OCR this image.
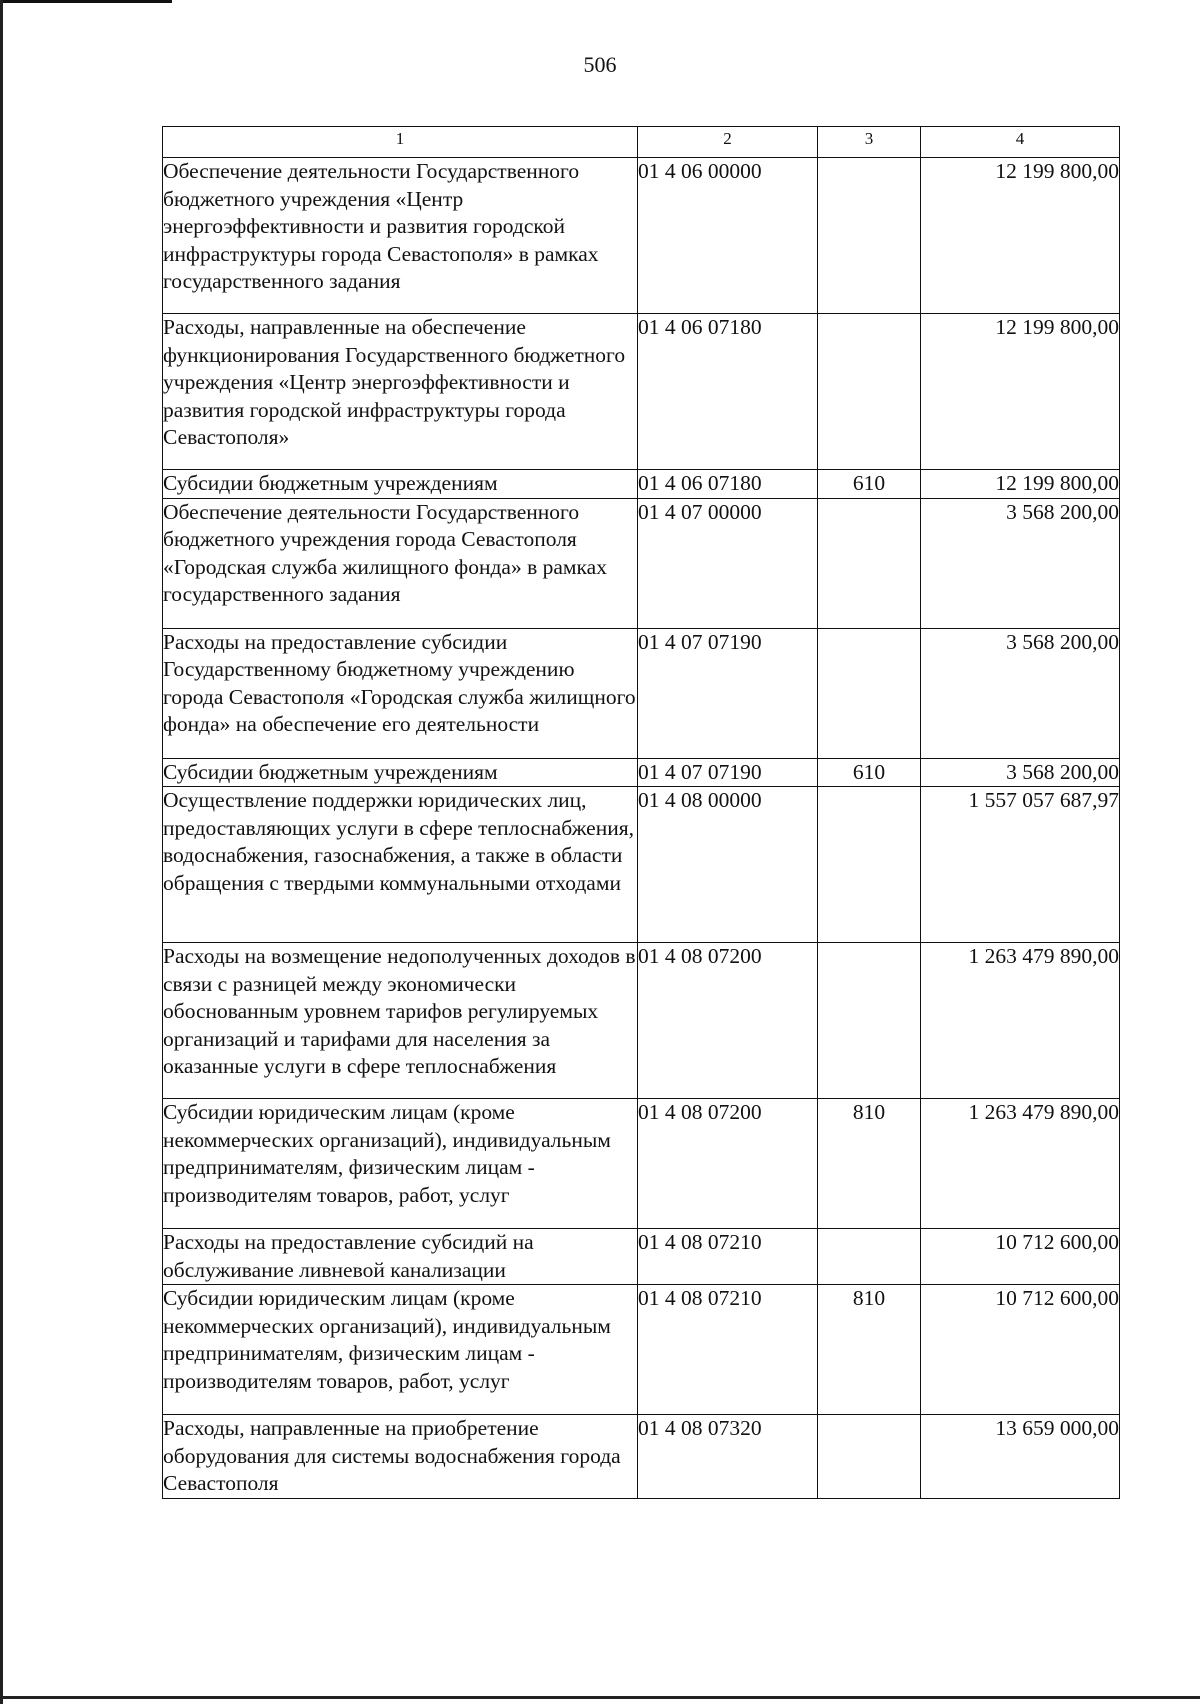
506
1	2	3	4
Обеспечение деятельности Государственного бюджетного учреждения «Центр энергоэффективности и развития городской инфраструктуры города Севастополя» в рамках государственного задания	01 4 06 00000		12 199 800,00
Расходы, направленные на обеспечение функционирования Государственного бюджетного учреждения «Центр энергоэффективности и развития городской инфраструктуры города Севастополя»	01 4 06 07180		12 199 800,00
Субсидии бюджетным учреждениям	01 4 06 07180	610	12 199 800,00
Обеспечение деятельности Государственного бюджетного учреждения города Севастополя «Городская служба жилищного фонда» в рамках государственного задания	01 4 07 00000		3 568 200,00
Расходы на предоставление субсидии Государственному бюджетному учреждению города Севастополя «Городская служба жилищного фонда» на обеспечение его деятельности	01 4 07 07190		3 568 200,00
Субсидии бюджетным учреждениям	01 4 07 07190	610	3 568 200,00
Осуществление поддержки юридических лиц, предоставляющих услуги в сфере теплоснабжения, водоснабжения, газоснабжения, а также в области обращения с твердыми коммунальными отходами	01 4 08 00000		1 557 057 687,97
Расходы на возмещение недополученных доходов в связи с разницей между экономически обоснованным уровнем тарифов регулируемых организаций и тарифами для населения за оказанные услуги в сфере теплоснабжения	01 4 08 07200		1 263 479 890,00
Субсидии юридическим лицам (кроме некоммерческих организаций), индивидуальным предпринимателям, физическим лицам - производителям товаров, работ, услуг	01 4 08 07200	810	1 263 479 890,00
Расходы на предоставление субсидий на обслуживание ливневой канализации	01 4 08 07210		10 712 600,00
Субсидии юридическим лицам (кроме некоммерческих организаций), индивидуальным предпринимателям, физическим лицам - производителям товаров, работ, услуг	01 4 08 07210	810	10 712 600,00
Расходы, направленные на приобретение оборудования для системы водоснабжения города Севастополя	01 4 08 07320		13 659 000,00
